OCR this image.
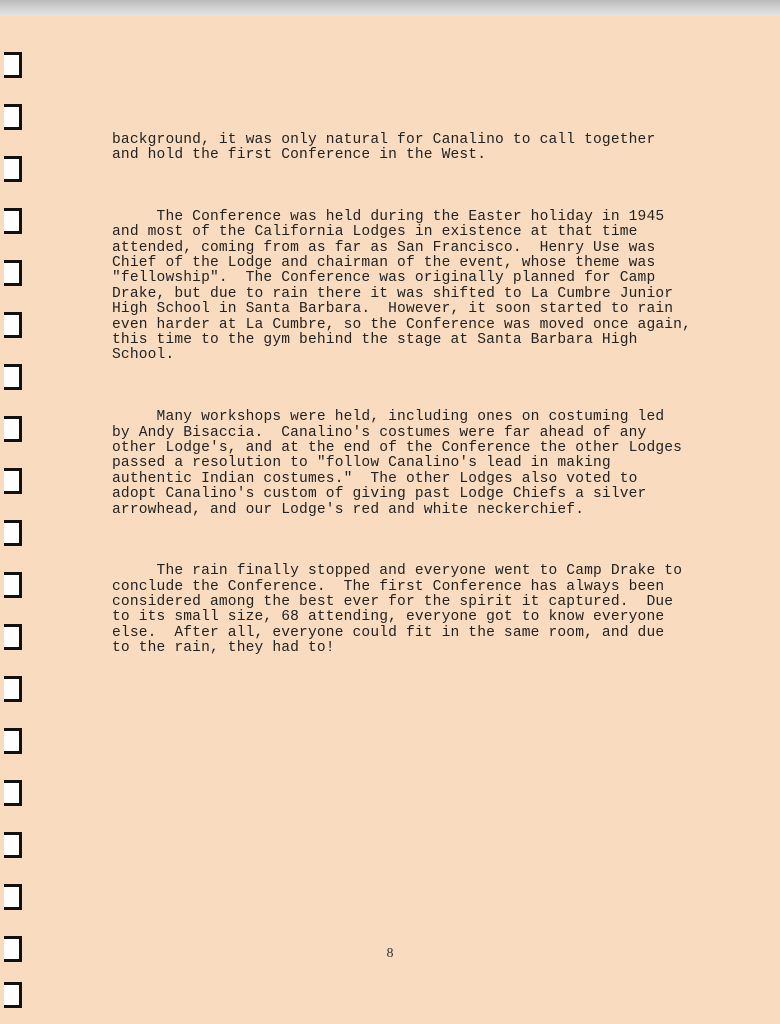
background, it was only natural for Canalino to call together
and hold the first Conference in the West.

The Conference was held during the Easter holiday in 1945
and most of the California Lodges in existence at that time
attended, coming from as far as San Francisco.  Henry Use was
Chief of the Lodge and chairman of the event, whose theme was
"fellowship".  The Conference was originally planned for Camp
Drake, but due to rain there it was shifted to La Cumbre Junior
High School in Santa Barbara.  However, it soon started to rain
even harder at La Cumbre, so the Conference was moved once again,
this time to the gym behind the stage at Santa Barbara High
School.

Many workshops were held, including ones on costuming led
by Andy Bisaccia.  Canalino's costumes were far ahead of any
other Lodge's, and at the end of the Conference the other Lodges
passed a resolution to "follow Canalino's lead in making
authentic Indian costumes."  The other Lodges also voted to
adopt Canalino's custom of giving past Lodge Chiefs a silver
arrowhead, and our Lodge's red and white neckerchief.

The rain finally stopped and everyone went to Camp Drake to
conclude the Conference.  The first Conference has always been
considered among the best ever for the spirit it captured.  Due
to its small size, 68 attending, everyone got to know everyone
else.  After all, everyone could fit in the same room, and due
to the rain, they had to!

8
